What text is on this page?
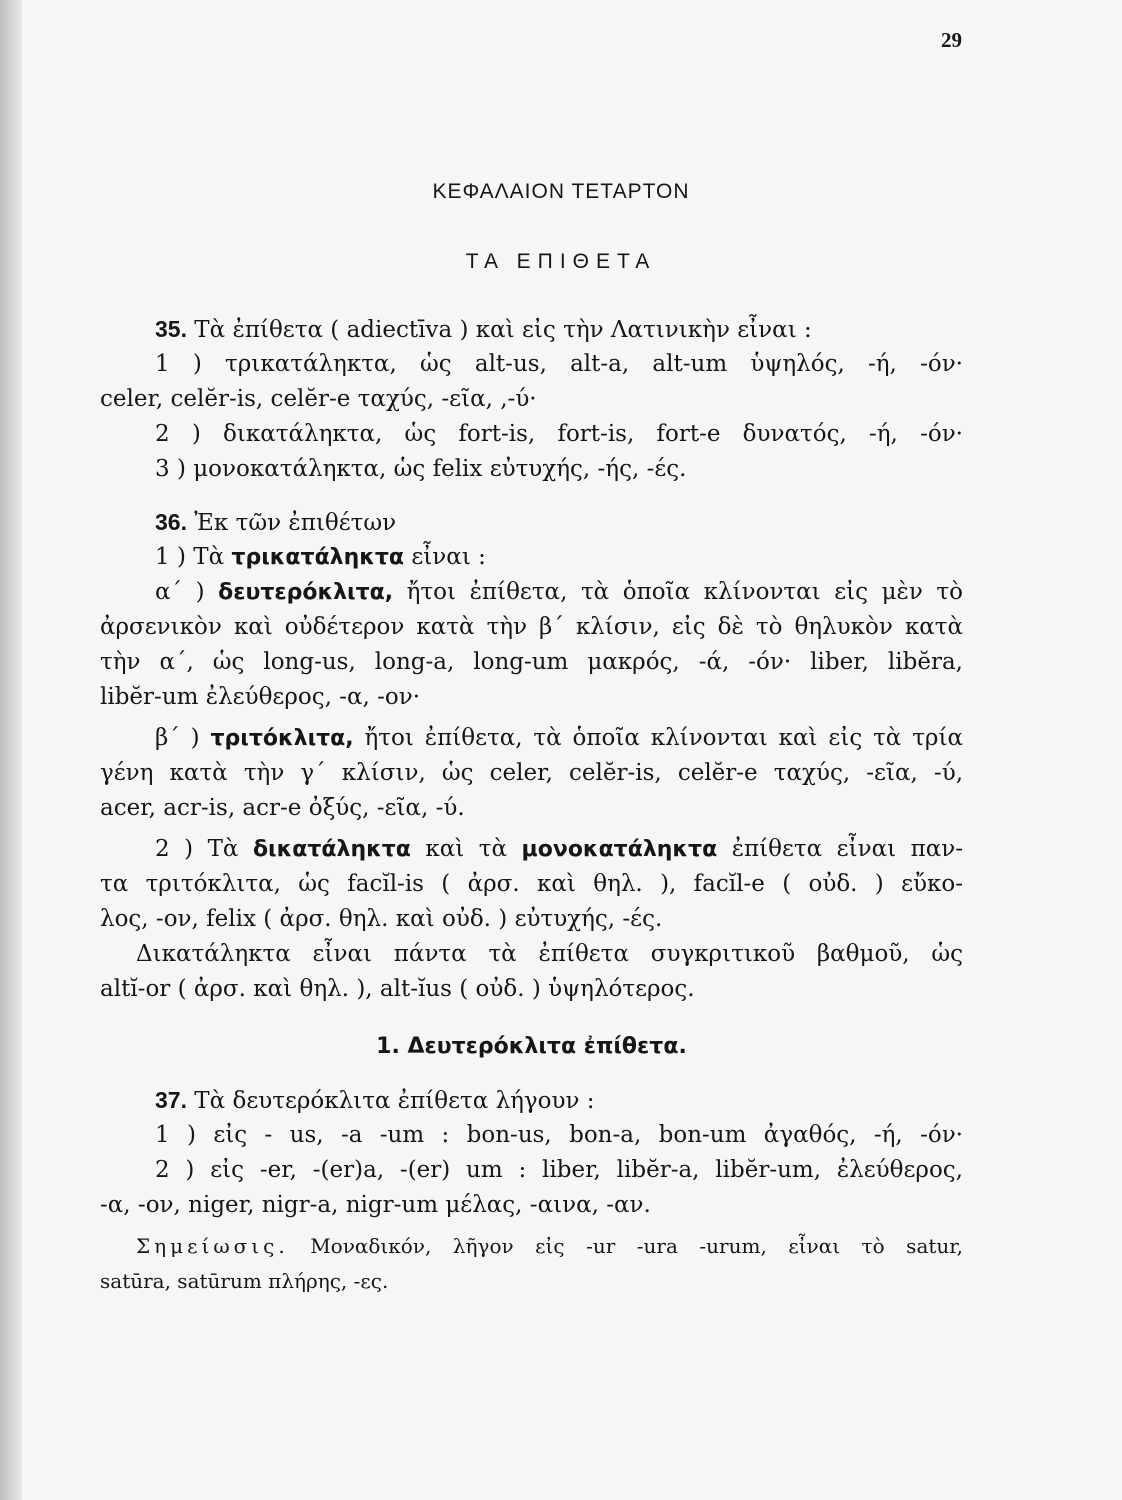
29
ΚΕΦΑΛΑΙΟΝ ΤΕΤΑΡΤΟΝ
ΤΑ ΕΠΙΘΕΤΑ
35. Τὰ ἐπίθετα ( adiectīva ) καὶ εἰς τὴν Λατινικὴν εἶναι :
1 ) τρικατάληκτα, ὡς alt-us, alt-a, alt-um ὑψηλός, -ή, -όν·
celer, celĕr-is, celĕr-e ταχύς, -εῖα, ,-ύ·
2 ) δικατάληκτα, ὡς fort-is, fort-is, fort-e δυνατός, -ή, -όν·
3 ) μονοκατάληκτα, ὡς felix εὐτυχής, -ής, -ές.
36. Ἐκ τῶν ἐπιθέτων
1 ) Τὰ τρικατάληκτα εἶναι :
α΄ ) δευτερόκλιτα, ἤτοι ἐπίθετα, τὰ ὁποῖα κλίνονται εἰς μὲν τὸ
ἀρσενικὸν καὶ οὐδέτερον κατὰ τὴν β΄ κλίσιν, εἰς δὲ τὸ θηλυκὸν κατὰ
τὴν α΄, ὡς long-us, long-a, long-um μακρός, -ά, -όν· liber, libĕra,
libĕr-um ἐλεύθερος, -α, -ον·
β΄ ) τριτόκλιτα, ἤτοι ἐπίθετα, τὰ ὁποῖα κλίνονται καὶ εἰς τὰ τρία
γένη κατὰ τὴν γ΄ κλίσιν, ὡς celer, celĕr-is, celĕr-e ταχύς, -εῖα, -ύ,
acer, acr-is, acr-e ὀξύς, -εῖα, -ύ.
2 ) Τὰ δικατάληκτα καὶ τὰ μονοκατάληκτα ἐπίθετα εἶναι παν-
τα τριτόκλιτα, ὡς facĭl-is ( ἀρσ. καὶ θηλ. ), facĭl-e ( οὐδ. ) εὔκο-
λος, -ον, felix ( ἀρσ. θηλ. καὶ οὐδ. ) εὐτυχής, -ές.
Δικατάληκτα εἶναι πάντα τὰ ἐπίθετα συγκριτικοῦ βαθμοῦ, ὡς
altĭ-or ( ἀρσ. καὶ θηλ. ), alt-ĭus ( οὐδ. ) ὑψηλότερος.
1. Δευτερόκλιτα ἐπίθετα.
37. Τὰ δευτερόκλιτα ἐπίθετα λήγουν :
1 ) εἰς - us, -a -um : bon-us, bon-a, bon-um ἀγαθός, -ή, -όν·
2 ) εἰς -er, -(er)a, -(er) um : liber, libĕr-a, libĕr-um, ἐλεύθερος,
-α, -ον, niger, nigr-a, nigr-um μέλας, -αινα, -αν.
Σημείωσις. Μοναδικόν, λῆγον εἰς -ur -ura -urum, εἶναι τὸ satur,
satūra, satūrum πλήρης, -ες.
